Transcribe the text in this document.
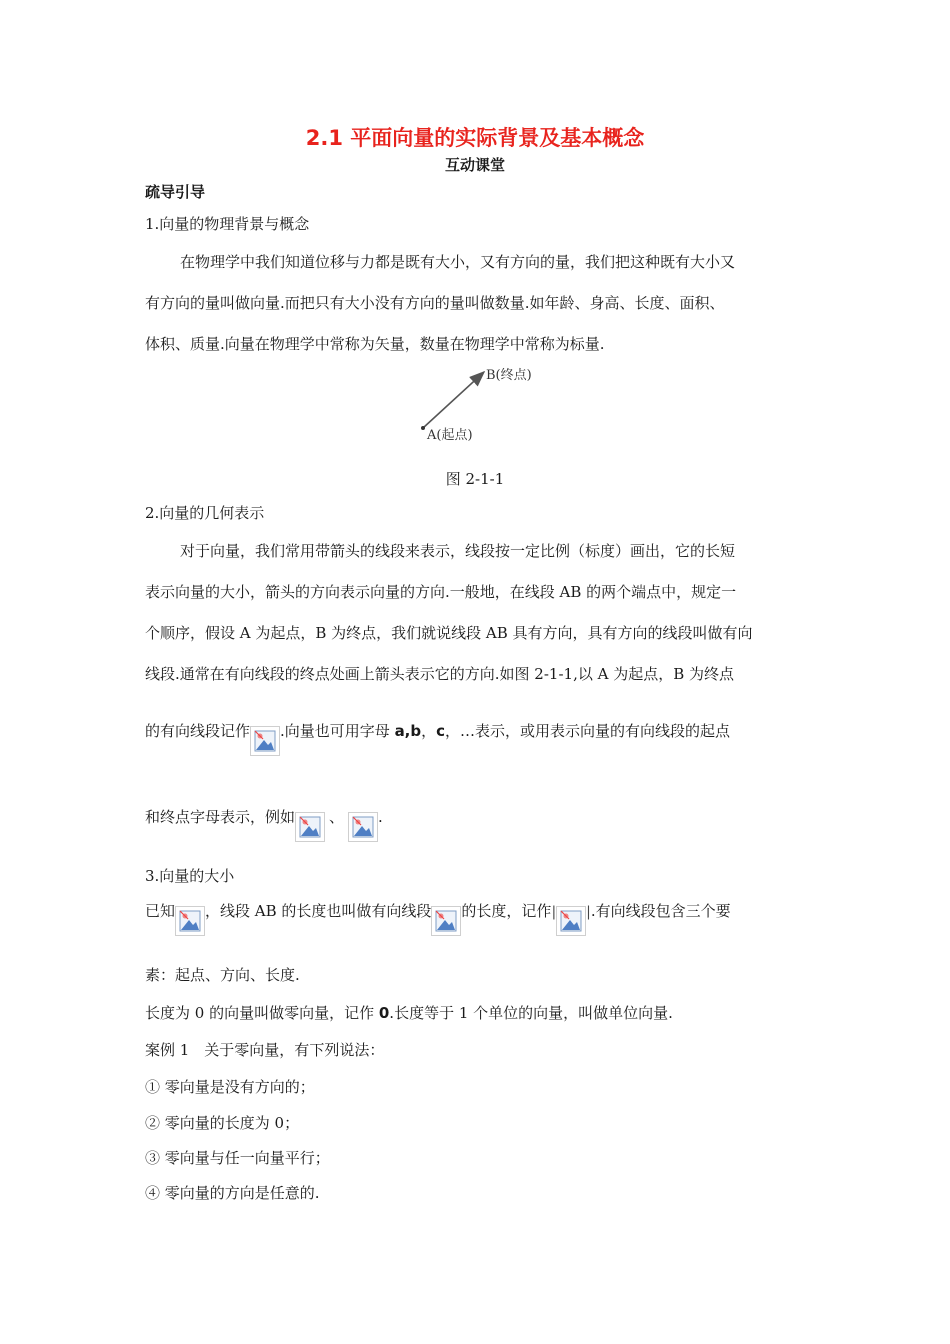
2.1 平面向量的实际背景及基本概念
互动课堂
疏导引导
1.向量的物理背景与概念
在物理学中我们知道位移与力都是既有大小，又有方向的量，我们把这种既有大小又
有方向的量叫做向量.而把只有大小没有方向的量叫做数量.如年龄、身高、长度、面积、
体积、质量.向量在物理学中常称为矢量，数量在物理学中常称为标量.
B(终点)
A(起点)
图 2-1-1
2.向量的几何表示
对于向量，我们常用带箭头的线段来表示，线段按一定比例（标度）画出，它的长短
表示向量的大小，箭头的方向表示向量的方向.一般地，在线段 AB 的两个端点中，规定一
个顺序，假设 A 为起点，B 为终点，我们就说线段 AB 具有方向，具有方向的线段叫做有向
线段.通常在有向线段的终点处画上箭头表示它的方向.如图 2-1-1,以 A 为起点，B 为终点
的有向线段记作 .向量也可用字母 a,b，c，…表示，或用表示向量的有向线段的起点
和终点字母表示，例如 、 .
3.向量的大小
已知 ，线段 AB 的长度也叫做有向线段 的长度，记作| |.有向线段包含三个要
素：起点、方向、长度.
长度为 0 的向量叫做零向量，记作 0.长度等于 1 个单位的向量，叫做单位向量.
案例 1　关于零向量，有下列说法：
① 零向量是没有方向的；
② 零向量的长度为 0；
③ 零向量与任一向量平行；
④ 零向量的方向是任意的.
